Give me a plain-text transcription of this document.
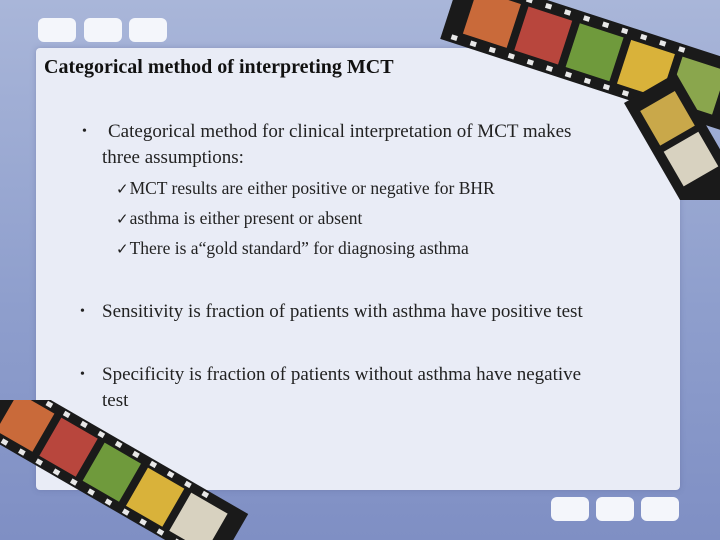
Categorical method of interpreting MCT
•	Categorical method for clinical interpretation of MCT makes
three assumptions:
✓MCT results are either positive or negative for BHR
✓asthma is either present or absent
✓There is a“gold standard” for diagnosing asthma
• Sensitivity is fraction of patients with asthma have positive test
• Specificity is fraction of patients without asthma have negative
test
